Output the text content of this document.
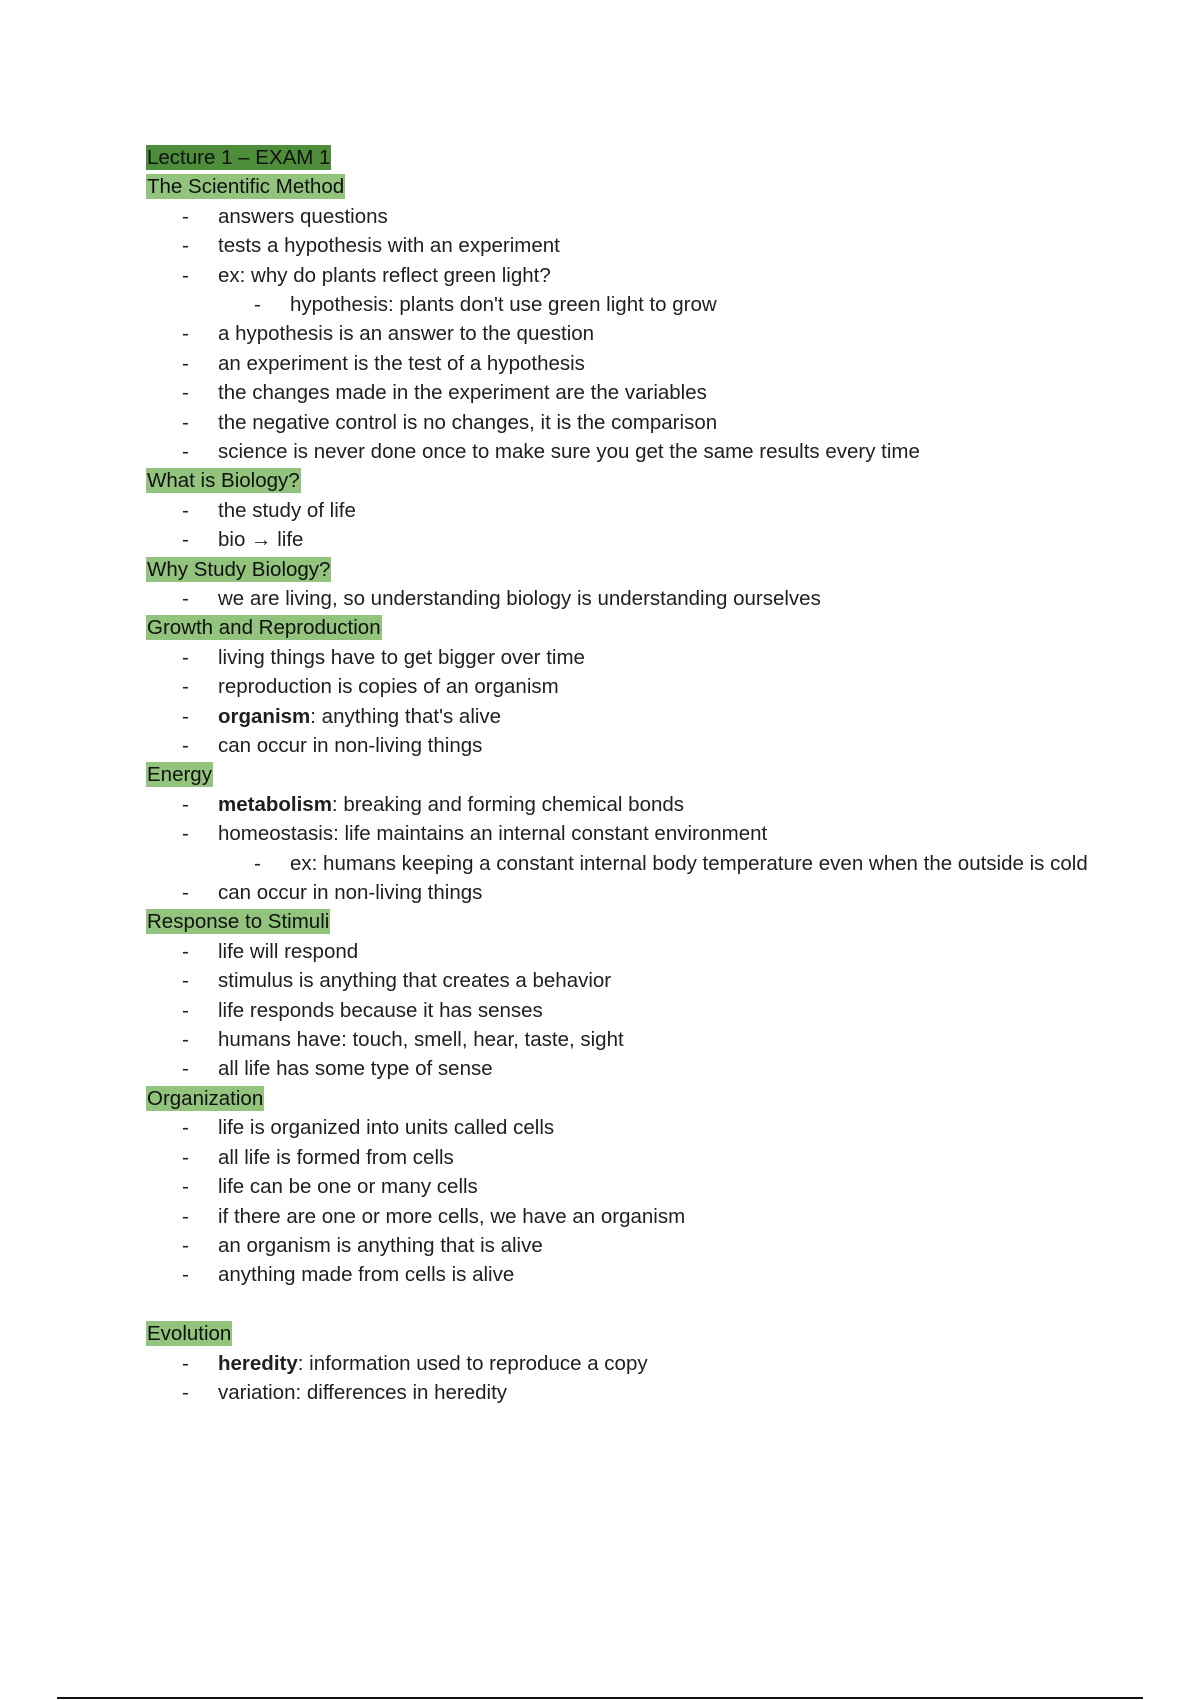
Lecture 1 – EXAM 1
The Scientific Method
- answers questions
- tests a hypothesis with an experiment
- ex: why do plants reflect green light?
- hypothesis: plants don't use green light to grow
- a hypothesis is an answer to the question
- an experiment is the test of a hypothesis
- the changes made in the experiment are the variables
- the negative control is no changes, it is the comparison
- science is never done once to make sure you get the same results every time
What is Biology?
- the study of life
- bio → life
Why Study Biology?
- we are living, so understanding biology is understanding ourselves
Growth and Reproduction
- living things have to get bigger over time
- reproduction is copies of an organism
- organism: anything that's alive
- can occur in non-living things
Energy
- metabolism: breaking and forming chemical bonds
- homeostasis: life maintains an internal constant environment
- ex: humans keeping a constant internal body temperature even when the outside is cold
- can occur in non-living things
Response to Stimuli
- life will respond
- stimulus is anything that creates a behavior
- life responds because it has senses
- humans have: touch, smell, hear, taste, sight
- all life has some type of sense
Organization
- life is organized into units called cells
- all life is formed from cells
- life can be one or many cells
- if there are one or more cells, we have an organism
- an organism is anything that is alive
- anything made from cells is alive
Evolution
- heredity: information used to reproduce a copy
- variation: differences in heredity
